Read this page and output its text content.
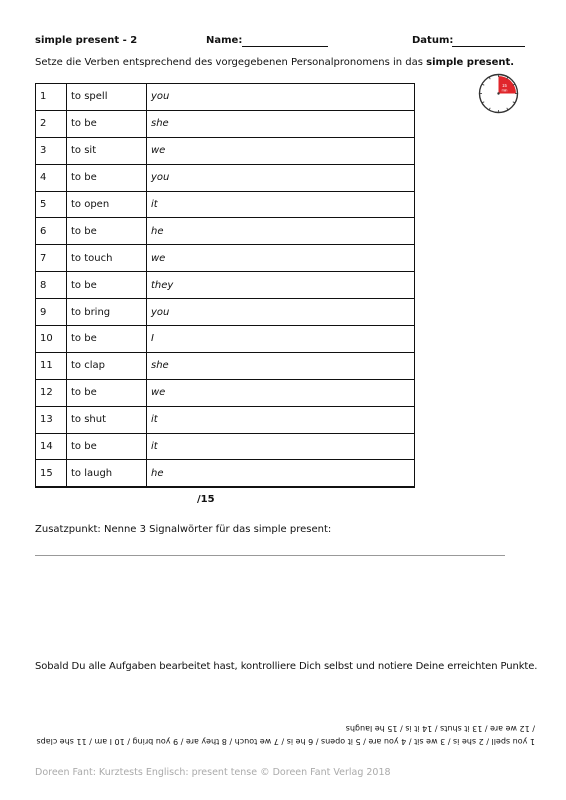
simple present - 2	Name:	Datum:
Setze die Verben entsprechend des vorgegebenen Personalpronomens in das simple present.
15
min
1	to spell	you
2	to be	she
3	to sit	we
4	to be	you
5	to open	it
6	to be	he
7	to touch	we
8	to be	they
9	to bring	you
10	to be	I
11	to clap	she
12	to be	we
13	to shut	it
14	to be	it
15	to laugh	he
/15
Zusatzpunkt: Nenne 3 Signalwörter für das simple present:
Sobald Du alle Aufgaben bearbeitet hast, kontrolliere Dich selbst und notiere Deine erreichten Punkte.
1 you spell / 2 she is / 3 we sit / 4 you are / 5 it opens / 6 he is / 7 we touch / 8 they are / 9 you bring / 10 I am / 11 she claps
/ 12 we are / 13 it shuts / 14 it is / 15 he laughs
Doreen Fant: Kurztests Englisch: present tense © Doreen Fant Verlag 2018
